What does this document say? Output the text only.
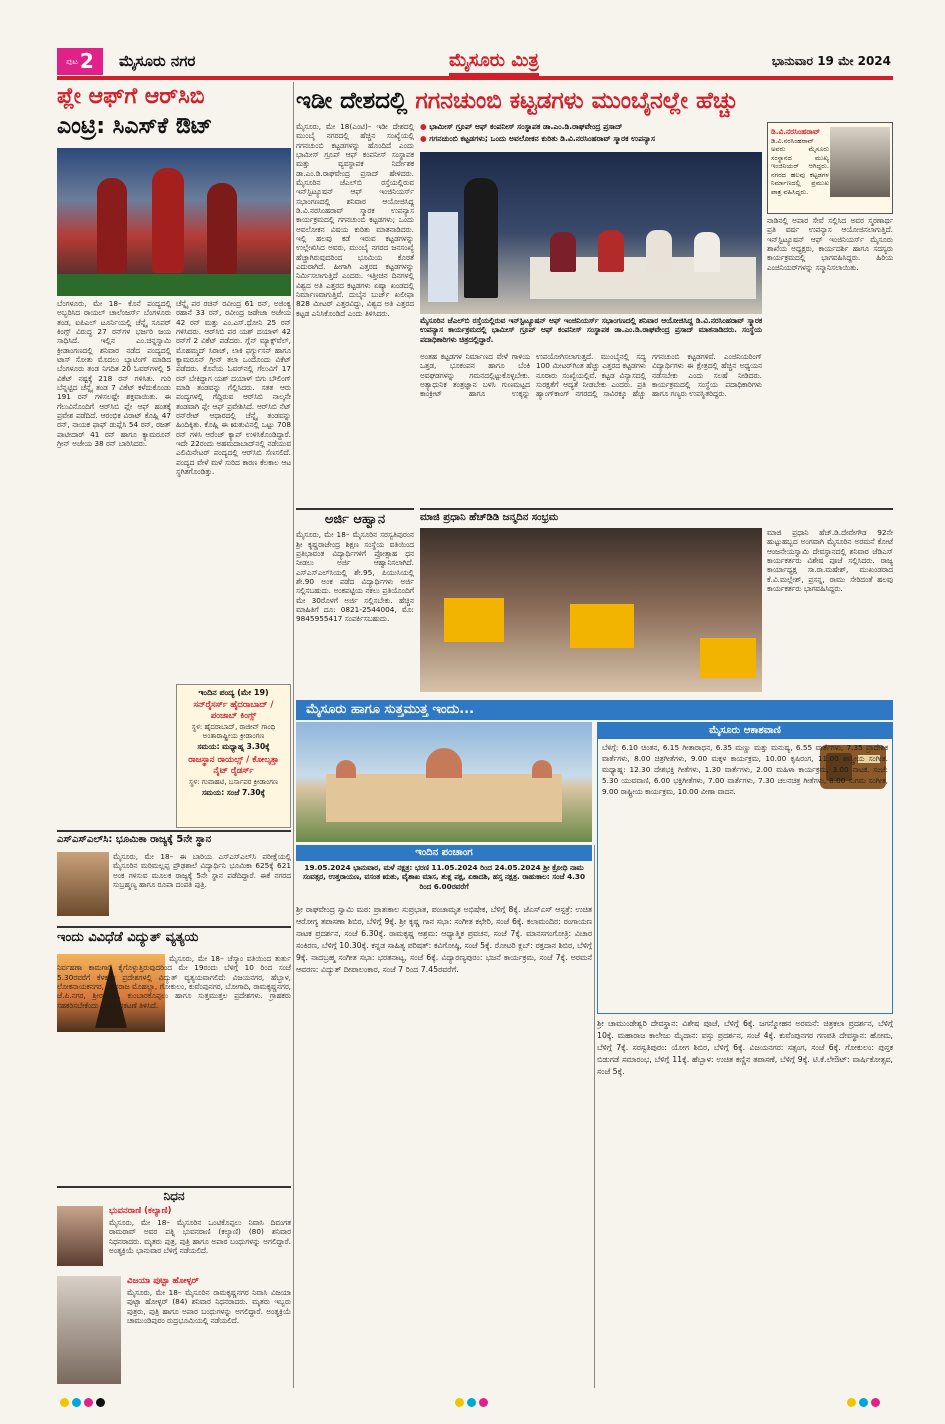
ಪುಟ 2 ಮೈಸೂರು ನಗರ	ಮೈಸೂರು ಮಿತ್ರ	ಭಾನುವಾರ 19 ಮೇ 2024
ಪ್ಲೇ ಆಫ್‌ಗೆ ಆರ್‌ಸಿಬಿ
ಎಂಟ್ರಿ: ಸಿಎಸ್‌ಕೆ ಔಟ್
ಬೆಂಗಳೂರು, ಮೇ 18– ಕೊನೆ ಪಂದ್ಯದಲ್ಲಿ ಅಬ್ಬರಿಸಿದ ರಾಯಲ್ ಚಾಲೆಂಜರ್ಸ್ ಬೆಂಗಳೂರು ತಂಡ, ಐಪಿಎಲ್ ಟೂರ್ನಿಯಲ್ಲಿ ಚೆನ್ನೈ ಸೂಪರ್ ಕಿಂಗ್ಸ್ ವಿರುದ್ಧ 27 ರನ್‌ಗಳ ಭರ್ಜರಿ ಜಯ ಸಾಧಿಸಿದೆ. ಇಲ್ಲಿನ ಎಂ.ಚಿನ್ನಸ್ವಾಮಿ ಕ್ರೀಡಾಂಗಣದಲ್ಲಿ ಶನಿವಾರ ನಡೆದ ಪಂದ್ಯದಲ್ಲಿ ಟಾಸ್ ಸೋತು ಮೊದಲು ಬ್ಯಾಟಿಂಗ್ ಮಾಡಿದ ಬೆಂಗಳೂರು ತಂಡ ನಿಗದಿತ 20 ಓವರ್‌ಗಳಲ್ಲಿ 5 ವಿಕೆಟ್ ನಷ್ಟಕ್ಕೆ 218 ರನ್ ಗಳಿಸಿತು. ಗುರಿ ಬೆನ್ನಟ್ಟಿದ ಚೆನ್ನೈ ತಂಡ 7 ವಿಕೆಟ್ ಕಳೆದುಕೊಂಡು 191 ರನ್ ಗಳಿಸಲಷ್ಟೇ ಶಕ್ತವಾಯಿತು. ಈ ಗೆಲುವಿನೊಂದಿಗೆ ಆರ್‌ಸಿಬಿ ಪ್ಲೇ ಆಫ್ ಹಂತಕ್ಕೆ ಪ್ರವೇಶ ಪಡೆದಿದೆ. ಆರಂಭಿಕ ವಿರಾಟ್ ಕೊಹ್ಲಿ 47 ರನ್, ನಾಯಕ ಫಾಫ್ ಡುಪ್ಲೆಸಿ 54 ರನ್, ರಜತ್ ಪಾಟೀದಾರ್ 41 ರನ್ ಹಾಗೂ ಕ್ಯಾಮರೂನ್ ಗ್ರೀನ್ ಅಜೇಯ 38 ರನ್ ಬಾರಿಸಿದರು.
ಚೆನ್ನೈ ಪರ ರಚಿನ್ ರವೀಂದ್ರ 61 ರನ್, ಅಜಿಂಕ್ಯ ರಹಾನೆ 33 ರನ್, ರವೀಂದ್ರ ಜಡೇಜಾ ಅಜೇಯ 42 ರನ್ ಮತ್ತು ಎಂ.ಎಸ್.ಧೋನಿ 25 ರನ್ ಗಳಿಸಿದರು. ಆರ್‌ಸಿಬಿ ಪರ ಯಶ್ ದಯಾಳ್ 42 ರನ್‌ಗೆ 2 ವಿಕೆಟ್ ಪಡೆದರು. ಗ್ಲೆನ್ ಮ್ಯಾಕ್ಸ್‌ವೆಲ್, ಮೊಹಮ್ಮದ್ ಸಿರಾಜ್, ಲಾಕಿ ಫರ್ಗ್ಯುಸನ್ ಹಾಗೂ ಕ್ಯಾಮರೂನ್ ಗ್ರೀನ್ ತಲಾ ಒಂದೊಂದು ವಿಕೆಟ್ ಪಡೆದರು. ಕೊನೆಯ ಓವರ್‌ನಲ್ಲಿ ಗೆಲುವಿಗೆ 17 ರನ್ ಬೇಕಿದ್ದಾಗ ಯಶ್ ದಯಾಳ್ ಬಿಗು ಬೌಲಿಂಗ್ ಮಾಡಿ ತಂಡವನ್ನು ಗೆಲ್ಲಿಸಿದರು. ಸತತ ಆರು ಪಂದ್ಯಗಳಲ್ಲಿ ಗೆದ್ದಿರುವ ಆರ್‌ಸಿಬಿ ನಾಲ್ಕನೇ ತಂಡವಾಗಿ ಪ್ಲೇ ಆಫ್ ಪ್ರವೇಶಿಸಿದೆ. ಆರ್‌ಸಿಬಿ ನೆಟ್ ರನ್‌ರೇಟ್ ಆಧಾರದಲ್ಲಿ ಚೆನ್ನೈ ತಂಡವನ್ನು ಹಿಂದಿಕ್ಕಿತು. ಕೊಹ್ಲಿ ಈ ಋತುವಿನಲ್ಲಿ ಒಟ್ಟು 708 ರನ್ ಗಳಿಸಿ ಆರೆಂಜ್ ಕ್ಯಾಪ್ ಉಳಿಸಿಕೊಂಡಿದ್ದಾರೆ. ಇದೇ 22ರಂದು ಅಹಮದಾಬಾದ್‌ನಲ್ಲಿ ನಡೆಯುವ ಎಲಿಮಿನೇಟರ್ ಪಂದ್ಯದಲ್ಲಿ ಆರ್‌ಸಿಬಿ ಸೆಣಸಲಿದೆ. ಪಂದ್ಯದ ವೇಳೆ ಮಳೆ ಸುರಿದ ಕಾರಣ ಕೆಲಕಾಲ ಆಟ ಸ್ಥಗಿತಗೊಂಡಿತ್ತು.
ಇಂದಿನ ಪಂದ್ಯ (ಮೇ 19)
ಸನ್‌ರೈಸರ್ಸ್ ಹೈದರಾಬಾದ್ / ಪಂಜಾಬ್ ಕಿಂಗ್ಸ್
ಸ್ಥಳ: ಹೈದರಾಬಾದ್, ರಾಜೀವ್ ಗಾಂಧಿ ಅಂತಾರಾಷ್ಟ್ರೀಯ ಕ್ರೀಡಾಂಗಣ
ಸಮಯ: ಮಧ್ಯಾಹ್ನ 3.30ಕ್ಕೆ
ರಾಜಸ್ಥಾನ ರಾಯಲ್ಸ್ / ಕೋಲ್ಕತ್ತಾ ನೈಟ್ ರೈಡರ್ಸ್
ಸ್ಥಳ: ಗುವಾಹಟಿ, ಬರ್ಸಾಪರ ಕ್ರೀಡಾಂಗಣ
ಸಮಯ: ಸಂಜೆ 7.30ಕ್ಕೆ
ಎಸ್‌ಎಸ್‌ಎಲ್‌ಸಿ: ಭೂಮಿಕಾ ರಾಜ್ಯಕ್ಕೆ 5ನೇ ಸ್ಥಾನ
ಮೈಸೂರು, ಮೇ 18– ಈ ಬಾರಿಯ ಎಸ್‌ಎಸ್‌ಎಲ್‌ಸಿ ಪರೀಕ್ಷೆಯಲ್ಲಿ ಮೈಸೂರಿನ ಮರಿಮಲ್ಲಪ್ಪ ಪ್ರೌಢಶಾಲೆ ವಿದ್ಯಾರ್ಥಿನಿ ಭೂಮಿಕಾ 625ಕ್ಕೆ 621 ಅಂಕ ಗಳಿಸುವ ಮೂಲಕ ರಾಜ್ಯಕ್ಕೆ 5ನೇ ಸ್ಥಾನ ಪಡೆದಿದ್ದಾರೆ. ಈಕೆ ನಗರದ ಸುಬ್ರಹ್ಮಣ್ಯ ಹಾಗೂ ರೂಪಾ ದಂಪತಿ ಪುತ್ರಿ.
ಇಂದು ವಿವಿಧೆಡೆ ವಿದ್ಯುತ್ ವ್ಯತ್ಯಯ
ಮೈಸೂರು, ಮೇ 18– ಚೆಸ್ಕಾಂ ವತಿಯಿಂದ ತುರ್ತು ನಿರ್ವಹಣಾ ಕಾಮಗಾರಿ ಕೈಗೊಳ್ಳುತ್ತಿರುವುದರಿಂದ ಮೇ 19ರಂದು ಬೆಳಿಗ್ಗೆ 10 ರಿಂದ ಸಂಜೆ 5.30ರವರೆಗೆ ಕೆಳಕಂಡ ಪ್ರದೇಶಗಳಲ್ಲಿ ವಿದ್ಯುತ್ ವ್ಯತ್ಯಯವಾಗಲಿದೆ: ವಿಜಯನಗರ, ಹೆಬ್ಬಾಳ, ಲೋಕನಾಯಕನಗರ, ದೇವರಾಜ ಮೊಹಲ್ಲಾ, ಗೋಕುಲಂ, ಕುವೆಂಪುನಗರ, ಬೋಗಾದಿ, ರಾಮಕೃಷ್ಣನಗರ, ಜೆ.ಪಿ.ನಗರ, ಶ್ರೀರಾಂಪುರ, ಕುಂಬಾರಕೊಪ್ಪಲು ಹಾಗೂ ಸುತ್ತಮುತ್ತಲ ಪ್ರದೇಶಗಳು. ಗ್ರಾಹಕರು ಸಹಕರಿಸಬೇಕೆಂದು ಚೆಸ್ಕಾಂ ಪ್ರಕಟಣೆ ತಿಳಿಸಿದೆ.
ನಿಧನ
ಭುವನರಾಣಿ (ಕಲ್ಯಾಣಿ)
ಮೈಸೂರು, ಮೇ 18– ಮೈಸೂರಿನ ಒಂಟಿಕೊಪ್ಪಲು ನಿವಾಸಿ ದಿವಂಗತ ರಾಮರಾವ್ ಅವರ ಪತ್ನಿ ಭುವನರಾಣಿ (ಕಲ್ಯಾಣಿ) (80) ಶನಿವಾರ ನಿಧನರಾದರು. ಮೃತರು ಪುತ್ರ, ಪುತ್ರಿ ಹಾಗೂ ಅಪಾರ ಬಂಧುಗಳನ್ನು ಅಗಲಿದ್ದಾರೆ. ಅಂತ್ಯಕ್ರಿಯೆ ಭಾನುವಾರ ಬೆಳಿಗ್ಗೆ ನಡೆಯಲಿದೆ.
ವಿಜಯಾ ಪುಟ್ಟಾ ಹೋಳ್ಳರ್
ಮೈಸೂರು, ಮೇ 18– ಮೈಸೂರಿನ ರಾಮಕೃಷ್ಣನಗರ ನಿವಾಸಿ ವಿಜಯಾ ಪುಟ್ಟಾ ಹೋಳ್ಳರ್ (84) ಶನಿವಾರ ನಿಧನರಾದರು. ಮೃತರು ಇಬ್ಬರು ಪುತ್ರರು, ಪುತ್ರಿ ಹಾಗೂ ಅಪಾರ ಬಂಧುಗಳನ್ನು ಅಗಲಿದ್ದಾರೆ. ಅಂತ್ಯಕ್ರಿಯೆ ಚಾಮುಂಡಿಪುರಂ ರುದ್ರಭೂಮಿಯಲ್ಲಿ ನಡೆಯಲಿದೆ.
ಇಡೀ ದೇಶದಲ್ಲಿ ಗಗನಚುಂಬಿ ಕಟ್ಟಡಗಳು ಮುಂಬೈನಲ್ಲೇ ಹೆಚ್ಚು
● ಭಾಮೀಸ್ ಗ್ರೂಪ್ ಆಫ್ ಕಂಪನೀಸ್ ಸಂಸ್ಥಾಪಕ ಡಾ.ಎಂ.ಡಿ.ರಾಘವೇಂದ್ರ ಪ್ರಸಾದ್
● ಗಗನಚುಂಬಿ ಕಟ್ಟಡಗಳು; ಒಂದು ಅವಲೋಕನ ಕುರಿತು ಡಿ.ವಿ.ನರಸಿಂಹರಾವ್ ಸ್ಮಾರಕ ಉಪನ್ಯಾಸ
ಮೈಸೂರು, ಮೇ 18(ಎಂಟಿ)– ಇಡೀ ದೇಶದಲ್ಲಿ ಮುಂಬೈ ನಗರದಲ್ಲಿ ಹೆಚ್ಚಿನ ಸಂಖ್ಯೆಯಲ್ಲಿ ಗಗನಚುಂಬಿ ಕಟ್ಟಡಗಳನ್ನು ಹೊಂದಿದೆ ಎಂದು ಭಾಮೀಸ್ ಗ್ರೂಪ್ ಆಫ್ ಕಂಪನೀಸ್ ಸಂಸ್ಥಾಪಕ ಮತ್ತು ವ್ಯವಸ್ಥಾಪಕ ನಿರ್ದೇಶಕ ಡಾ.ಎಂ.ಡಿ.ರಾಘವೇಂದ್ರ ಪ್ರಸಾದ್ ಹೇಳಿದರು. ಮೈಸೂರಿನ ಜೆಎಲ್‌ಬಿ ರಸ್ತೆಯಲ್ಲಿರುವ ಇನ್‌ಸ್ಟಿಟ್ಯೂಷನ್ ಆಫ್ ಇಂಜಿನಿಯರ್ಸ್ ಸಭಾಂಗಣದಲ್ಲಿ ಶನಿವಾರ ಆಯೋಜಿಸಿದ್ದ ಡಿ.ವಿ.ನರಸಿಂಹರಾವ್ ಸ್ಮಾರಕ ಉಪನ್ಯಾಸ ಕಾರ್ಯಕ್ರಮದಲ್ಲಿ ಗಗನಚುಂಬಿ ಕಟ್ಟಡಗಳು; ಒಂದು ಅವಲೋಕನ ವಿಷಯ ಕುರಿತು ಮಾತನಾಡಿದರು. ಇಲ್ಲಿ ಹಲವು ಕಡೆ ಇರುವ ಕಟ್ಟಡಗಳನ್ನು ಉಲ್ಲೇಖಿಸಿದ ಅವರು, ಮುಂಬೈ ನಗರದ ಜನಸಂಖ್ಯೆ ಹೆಚ್ಚಾಗಿರುವುದರಿಂದ ಭೂಮಿಯ ಕೊರತೆ ಎದುರಾಗಿದೆ. ಹೀಗಾಗಿ ಎತ್ತರದ ಕಟ್ಟಡಗಳನ್ನು ನಿರ್ಮಿಸಲಾಗುತ್ತಿದೆ ಎಂದರು. ಇತ್ತೀಚಿನ ದಿನಗಳಲ್ಲಿ ವಿಶ್ವದ ಅತಿ ಎತ್ತರದ ಕಟ್ಟಡಗಳು ಏಷ್ಯಾ ಖಂಡದಲ್ಲಿ ನಿರ್ಮಾಣವಾಗುತ್ತಿವೆ. ದುಬೈನ ಬುರ್ಜ್ ಖಲೀಫಾ 828 ಮೀಟರ್ ಎತ್ತರವಿದ್ದು, ವಿಶ್ವದ ಅತಿ ಎತ್ತರದ ಕಟ್ಟಡ ಎನಿಸಿಕೊಂಡಿದೆ ಎಂದು ತಿಳಿಸಿದರು.
ಮೈಸೂರಿನ ಜೆಎಲ್‌ಬಿ ರಸ್ತೆಯಲ್ಲಿರುವ ಇನ್‌ಸ್ಟಿಟ್ಯೂಷನ್ ಆಫ್ ಇಂಜಿನಿಯರ್ಸ್ ಸಭಾಂಗಣದಲ್ಲಿ ಶನಿವಾರ ಆಯೋಜಿಸಿದ್ದ ಡಿ.ವಿ.ನರಸಿಂಹರಾವ್ ಸ್ಮಾರಕ ಉಪನ್ಯಾಸ ಕಾರ್ಯಕ್ರಮದಲ್ಲಿ ಭಾಮೀಸ್ ಗ್ರೂಪ್ ಆಫ್ ಕಂಪನೀಸ್ ಸಂಸ್ಥಾಪಕ ಡಾ.ಎಂ.ಡಿ.ರಾಘವೇಂದ್ರ ಪ್ರಸಾದ್ ಮಾತನಾಡಿದರು. ಸಂಸ್ಥೆಯ ಪದಾಧಿಕಾರಿಗಳು ಚಿತ್ರದಲ್ಲಿದ್ದಾರೆ.
ಅಂತಹ ಕಟ್ಟಡಗಳ ನಿರ್ಮಾಣದ ವೇಳೆ ಗಾಳಿಯ ಒತ್ತಡ, ಭೂಕಂಪನ ಹಾಗೂ ಬೆಂಕಿ ಅವಘಡಗಳನ್ನು ಗಮನದಲ್ಲಿಟ್ಟುಕೊಳ್ಳಬೇಕು. ಅತ್ಯಾಧುನಿಕ ತಂತ್ರಜ್ಞಾನ ಬಳಸಿ ಗುಣಮಟ್ಟದ ಕಾಂಕ್ರೀಟ್ ಹಾಗೂ ಉಕ್ಕನ್ನು ಉಪಯೋಗಿಸಲಾಗುತ್ತದೆ. ಮುಂಬೈನಲ್ಲಿ ಸದ್ಯ 100 ಮೀಟರ್‌ಗಿಂತ ಹೆಚ್ಚು ಎತ್ತರದ ಕಟ್ಟಡಗಳು ನೂರಾರು ಸಂಖ್ಯೆಯಲ್ಲಿವೆ. ಕಟ್ಟಡ ವಿನ್ಯಾಸದಲ್ಲಿ ಸುರಕ್ಷತೆಗೆ ಆದ್ಯತೆ ನೀಡಬೇಕು ಎಂದರು. ಪ್ರತಿ ಹ್ಯಾಂಗ್‌ಕಾಂಗ್ ನಗರದಲ್ಲಿ ಸಾವಿರಕ್ಕೂ ಹೆಚ್ಚು ಗಗನಚುಂಬಿ ಕಟ್ಟಡಗಳಿವೆ. ಎಂಜಿನಿಯರಿಂಗ್ ವಿದ್ಯಾರ್ಥಿಗಳು ಈ ಕ್ಷೇತ್ರದಲ್ಲಿ ಹೆಚ್ಚಿನ ಅಧ್ಯಯನ ನಡೆಸಬೇಕು ಎಂದು ಸಲಹೆ ನೀಡಿದರು. ಕಾರ್ಯಕ್ರಮದಲ್ಲಿ ಸಂಸ್ಥೆಯ ಪದಾಧಿಕಾರಿಗಳು ಹಾಗೂ ಗಣ್ಯರು ಉಪಸ್ಥಿತರಿದ್ದರು.
ಡಿ.ವಿ.ನರಸಿಂಹರಾವ್
ಡಿ.ವಿ.ನರಸಿಂಹರಾವ್ ಅವರು ಮೈಸೂರು ಸಂಸ್ಥಾನದ ಮುಖ್ಯ ಇಂಜಿನಿಯರ್ ಆಗಿದ್ದರು. ನಗರದ ಹಲವು ಕಟ್ಟಡಗಳ ನಿರ್ಮಾಣದಲ್ಲಿ ಪ್ರಮುಖ ಪಾತ್ರ ವಹಿಸಿದ್ದರು.
ನಾಡಿನಲ್ಲಿ ಅಪಾರ ಸೇವೆ ಸಲ್ಲಿಸಿದ ಅವರ ಸ್ಮರಣಾರ್ಥ ಪ್ರತಿ ವರ್ಷ ಉಪನ್ಯಾಸ ಆಯೋಜಿಸಲಾಗುತ್ತಿದೆ. ಇನ್‌ಸ್ಟಿಟ್ಯೂಷನ್ ಆಫ್ ಇಂಜಿನಿಯರ್ಸ್ ಮೈಸೂರು ಶಾಖೆಯ ಅಧ್ಯಕ್ಷರು, ಕಾರ್ಯದರ್ಶಿ ಹಾಗೂ ಸದಸ್ಯರು ಕಾರ್ಯಕ್ರಮದಲ್ಲಿ ಭಾಗವಹಿಸಿದ್ದರು. ಹಿರಿಯ ಎಂಜಿನಿಯರ್‌ಗಳನ್ನು ಸನ್ಮಾನಿಸಲಾಯಿತು.
ಅರ್ಜಿ ಆಹ್ವಾನ
ಮೈಸೂರು, ಮೇ 18– ಮೈಸೂರಿನ ಸರಸ್ವತಿಪುರಂನ ಶ್ರೀ ಕೃಷ್ಣರಾಜೇಂದ್ರ ಶಿಕ್ಷಣ ಸಂಸ್ಥೆಯ ವತಿಯಿಂದ ಪ್ರತಿಭಾವಂತ ವಿದ್ಯಾರ್ಥಿಗಳಿಗೆ ಪ್ರೋತ್ಸಾಹ ಧನ ನೀಡಲು ಅರ್ಜಿ ಆಹ್ವಾನಿಸಲಾಗಿದೆ. ಎಸ್‌ಎಸ್‌ಎಲ್‌ಸಿಯಲ್ಲಿ ಶೇ.95, ಪಿಯುಸಿಯಲ್ಲಿ ಶೇ.90 ಅಂಕ ಪಡೆದ ವಿದ್ಯಾರ್ಥಿಗಳು ಅರ್ಜಿ ಸಲ್ಲಿಸಬಹುದು. ಅಂಕಪಟ್ಟಿಯ ನಕಲು ಪ್ರತಿಯೊಂದಿಗೆ ಮೇ 30ರೊಳಗೆ ಅರ್ಜಿ ಸಲ್ಲಿಸಬೇಕು. ಹೆಚ್ಚಿನ ಮಾಹಿತಿಗೆ ದೂ: 0821-2544004, ಮೊ: 9845955417 ಸಂಪರ್ಕಿಸಬಹುದು.
ಮಾಜಿ ಪ್ರಧಾನಿ ಹೆಚ್‌ಡಿಡಿ ಜನ್ಮದಿನ ಸಂಭ್ರಮ
ಮಾಜಿ ಪ್ರಧಾನಿ ಹೆಚ್.ಡಿ.ದೇವೇಗೌಡ 92ನೇ ಹುಟ್ಟುಹಬ್ಬದ ಅಂಗವಾಗಿ ಮೈಸೂರಿನ ಅರಮನೆ ಕೋಟೆ ಆಂಜನೇಯಸ್ವಾಮಿ ದೇವಸ್ಥಾನದಲ್ಲಿ ಶನಿವಾರ ಜೆಡಿಎಸ್ ಕಾರ್ಯಕರ್ತರು ವಿಶೇಷ ಪೂಜೆ ಸಲ್ಲಿಸಿದರು. ರಾಜ್ಯ ಕಾರ್ಯಾಧ್ಯಕ್ಷ ಸಾ.ರಾ.ಮಹೇಶ್, ಮುಖಂಡರಾದ ಕೆ.ವಿ.ಮಲ್ಲೇಶ್, ಪ್ರಸನ್ನ, ರಾಮು ಸೇರಿದಂತೆ ಹಲವು ಕಾರ್ಯಕರ್ತರು ಭಾಗವಹಿಸಿದ್ದರು.
ಮೈಸೂರು ಹಾಗೂ ಸುತ್ತಮುತ್ತ ಇಂದು...
ಇಂದಿನ ಪಂಚಾಂಗ
19.05.2024 ಭಾನುವಾರ, ಮಳೆ ನಕ್ಷತ್ರ: ಭರಣಿ 11.05.2024 ರಿಂದ 24.05.2024 ಶ್ರೀ ಕ್ರೋಧಿ ನಾಮ ಸಂವತ್ಸರ, ಉತ್ತರಾಯಣ, ವಸಂತ ಋತು, ವೈಶಾಖ ಮಾಸ, ಶುಕ್ಲ ಪಕ್ಷ, ಏಕಾದಶಿ, ಹಸ್ತ ನಕ್ಷತ್ರ. ರಾಹುಕಾಲ: ಸಂಜೆ 4.30 ರಿಂದ 6.00ರವರೆಗೆ
ಶ್ರೀ ರಾಘವೇಂದ್ರ ಸ್ವಾಮಿ ಮಠ: ಪ್ರಾತಃಕಾಲ ಸುಪ್ರಭಾತ, ಪಂಚಾಮೃತ ಅಭಿಷೇಕ, ಬೆಳಿಗ್ಗೆ 8ಕ್ಕೆ. ಜೆಎಸ್‌ಎಸ್ ಆಸ್ಪತ್ರೆ: ಉಚಿತ ಆರೋಗ್ಯ ತಪಾಸಣಾ ಶಿಬಿರ, ಬೆಳಿಗ್ಗೆ 9ಕ್ಕೆ. ಶ್ರೀ ಕೃಷ್ಣ ಗಾನ ಸಭಾ: ಸಂಗೀತ ಕಛೇರಿ, ಸಂಜೆ 6ಕ್ಕೆ. ಕಲಾಮಂದಿರ: ರಂಗಾಯಣ ನಾಟಕ ಪ್ರದರ್ಶನ, ಸಂಜೆ 6.30ಕ್ಕೆ. ರಾಮಕೃಷ್ಣ ಆಶ್ರಮ: ಆಧ್ಯಾತ್ಮಿಕ ಪ್ರವಚನ, ಸಂಜೆ 7ಕ್ಕೆ. ಮಾನಸಗಂಗೋತ್ರಿ: ವಿಚಾರ ಸಂಕಿರಣ, ಬೆಳಿಗ್ಗೆ 10.30ಕ್ಕೆ. ಕನ್ನಡ ಸಾಹಿತ್ಯ ಪರಿಷತ್: ಕವಿಗೋಷ್ಠಿ, ಸಂಜೆ 5ಕ್ಕೆ. ರೋಟರಿ ಕ್ಲಬ್: ರಕ್ತದಾನ ಶಿಬಿರ, ಬೆಳಿಗ್ಗೆ 9ಕ್ಕೆ. ನಾದಬ್ರಹ್ಮ ಸಂಗೀತ ಸಭಾ: ಭರತನಾಟ್ಯ, ಸಂಜೆ 6ಕ್ಕೆ. ವಿದ್ಯಾರಣ್ಯಪುರಂ: ಭಜನೆ ಕಾರ್ಯಕ್ರಮ, ಸಂಜೆ 7ಕ್ಕೆ. ಅರಮನೆ ಆವರಣ: ವಿದ್ಯುತ್ ದೀಪಾಲಂಕಾರ, ಸಂಜೆ 7 ರಿಂದ 7.45ರವರೆಗೆ.
ಮೈಸೂರು ಆಕಾಶವಾಣಿ
ಬೆಳಿಗ್ಗೆ: 6.10 ಚಿಂತನ, 6.15 ಗೀತಾರಾಧನ, 6.35 ಮಣ್ಣು ಮತ್ತು ಮನುಷ್ಯ, 6.55 ವಾರ್ತೆಗಳು, 7.35 ಪ್ರಾದೇಶಿಕ ವಾರ್ತೆಗಳು, 8.00 ಚಿತ್ರಗೀತೆಗಳು, 9.00 ಮಕ್ಕಳ ಕಾರ್ಯಕ್ರಮ, 10.00 ಕೃಷಿರಂಗ, 11.00 ಶಾಸ್ತ್ರೀಯ ಸಂಗೀತ. ಮಧ್ಯಾಹ್ನ: 12.30 ದೇಶಭಕ್ತಿ ಗೀತೆಗಳು, 1.30 ವಾರ್ತೆಗಳು, 2.00 ಮಹಿಳಾ ಕಾರ್ಯಕ್ರಮ, 3.00 ನಾಟಕ. ಸಂಜೆ: 5.30 ಯುವವಾಣಿ, 6.00 ಭಕ್ತಿಗೀತೆಗಳು, 7.00 ವಾರ್ತೆಗಳು, 7.30 ಚಲನಚಿತ್ರ ಗೀತೆಗಳು, 8.00 ಸುಗಮ ಸಂಗೀತ, 9.00 ರಾಷ್ಟ್ರೀಯ ಕಾರ್ಯಕ್ರಮ, 10.00 ವೀಣಾ ವಾದನ.
ಶ್ರೀ ಚಾಮುಂಡೇಶ್ವರಿ ದೇವಸ್ಥಾನ: ವಿಶೇಷ ಪೂಜೆ, ಬೆಳಿಗ್ಗೆ 6ಕ್ಕೆ. ಜಗನ್ಮೋಹನ ಅರಮನೆ: ಚಿತ್ರಕಲಾ ಪ್ರದರ್ಶನ, ಬೆಳಿಗ್ಗೆ 10ಕ್ಕೆ. ಮಹಾರಾಜ ಕಾಲೇಜು ಮೈದಾನ: ವಸ್ತು ಪ್ರದರ್ಶನ, ಸಂಜೆ 4ಕ್ಕೆ. ಕುವೆಂಪುನಗರ ಗಣಪತಿ ದೇವಸ್ಥಾನ: ಹೋಮ, ಬೆಳಿಗ್ಗೆ 7ಕ್ಕೆ. ಸರಸ್ವತಿಪುರಂ: ಯೋಗ ಶಿಬಿರ, ಬೆಳಿಗ್ಗೆ 6ಕ್ಕೆ. ವಿಜಯನಗರ: ಸತ್ಸಂಗ, ಸಂಜೆ 6ಕ್ಕೆ. ಗೋಕುಲಂ: ಪುಸ್ತಕ ಬಿಡುಗಡೆ ಸಮಾರಂಭ, ಬೆಳಿಗ್ಗೆ 11ಕ್ಕೆ. ಹೆಬ್ಬಾಳ: ಉಚಿತ ಕಣ್ಣಿನ ತಪಾಸಣೆ, ಬೆಳಿಗ್ಗೆ 9ಕ್ಕೆ. ಟಿ.ಕೆ.ಲೇಔಟ್: ವಾರ್ಷಿಕೋತ್ಸವ, ಸಂಜೆ 5ಕ್ಕೆ.
